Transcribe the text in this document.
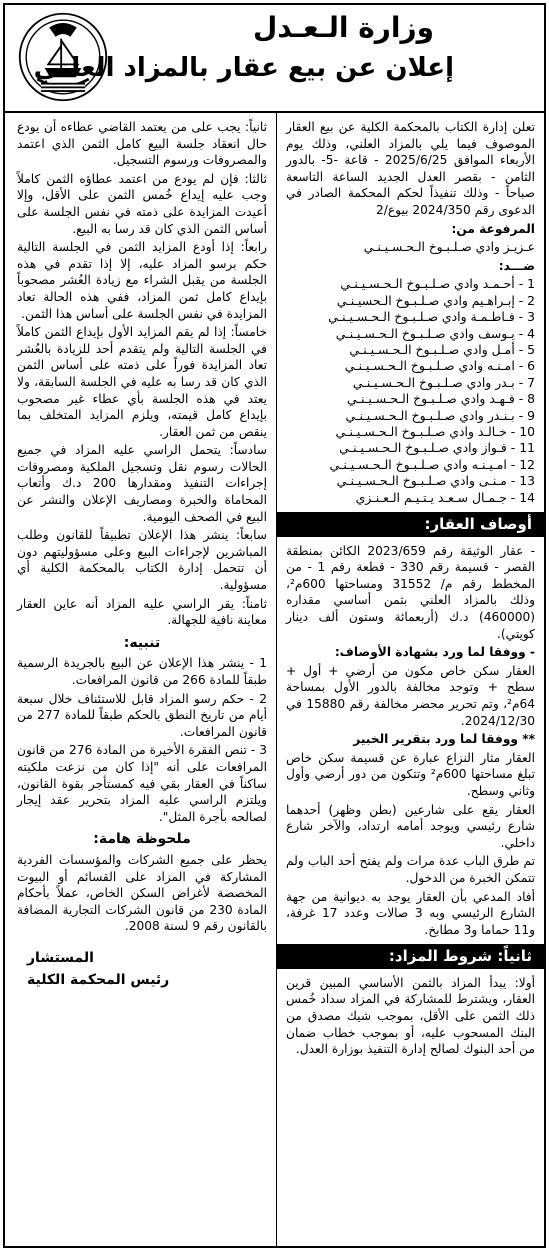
وزارة الـعـدل
إعلان عن بيع عقار بالمزاد العلني

تعلن إدارة الكتاب بالمحكمة الكلية عن بيع العقار الموصوف فيما يلي بالمزاد العلني، وذلك يوم الأربعاء الموافق 2025/6/25 - قاعة -5- بالدور الثامن - بقصر العدل الجديد الساعة التاسعة صباحاً - وذلك تنفيذاً لحكم المحكمة الصادر في الدعوى رقم 2024/350 بيوع/2

المرفوعة من:

عـزيـز وادي صـلـبـوخ الـحـسـيـنـي

ضـــد:

1 - أحـمـد وادي صـلـبـوخ الـحـسـيـنـي
2 - إبـراهـيم وادي صـلـبـوخ الـحسيـنـي
3 - فـاطـمـة وادي صـلـبـوخ الـحـسـيـنـي
4 - يـوسف وادي صـلـبـوخ الـحـسـيـنـي
5 - أمـل وادي صـلـبـوخ الـحـسـيـنـي
6 - امـنـه وادي صـلـبـوخ الـحـسـيـنـي
7 - بـدر وادي صـلـبـوخ الـحـسـيـنـي
8 - فـهـد وادي صـلـبـوخ الـحـسـيـنـي
9 - بـنـدر وادي صـلـبـوخ الـحـسـيـنـي
10 - خـالـد وادي صـلـبـوخ الـحـسـيـنـي
11 - فـواز وادي صـلـبـوخ الـحـسـيـنـي
12 - امـيـنـه وادي صـلـبـوخ الـحـسـيـنـي
13 - مـنـى وادي صـلـبـوخ الـحـسـيـنـي
14 - جـمـال سـعـد يـتـيـم الـعـنـزي
أوصاف العقار:

- عقار الوثيقة رقم 2023/659 الكائن بمنطقة القصر - قسيمة رقم 330 - قطعة رقم 1 - من المخطط رقم م/ 31552 ومساحتها 600م²، وذلك بالمزاد العلني بثمن أساسي مقداره (460000) د.ك (أربعمائة وستون ألف دينار كويتي).

- ووفقا لما ورد بشهادة الأوصاف:

العقار سكن خاص مكون من أرضي + أول + سطح + وتوجد مخالفة بالدور الأول بمساحة 64م²، وتم تحرير محضر مخالفة رقم 15880 في 2024/12/30.

** ووفقا لما ورد بتقرير الخبير

العقار مثار النزاع عبارة عن قسيمة سكن خاص تبلغ مساحتها 600م² وتتكون من دور أرضي وأول وثاني وسطح.

العقار يقع على شارعين (بطن وظهر) أحدهما شارع رئيسي ويوجد أمامه ارتداد، والآخر شارع داخلي.

تم طرق الباب عدة مرات ولم يفتح أحد الباب ولم تتمكن الخبرة من الدخول.

أفاد المدعي بأن العقار يوجد به ديوانية من جهة الشارع الرئيسي وبه 3 صالات وعدد 17 غرفة، و11 حماما و3 مطابخ.

ثانياً: شروط المزاد:

أولا: يبدأ المزاد بالثمن الأساسي المبين قرين العقار، ويشترط للمشاركة في المزاد سداد خُمس ذلك الثمن على الأقل، بموجب شيك مصدق من البنك المسحوب عليه، أو بموجب خطاب ضمان من أحد البنوك لصالح إدارة التنفيذ بوزارة العدل.

ثانياً: يجب على من يعتمد القاضي عطاءه أن يودع حال انعقاد جلسة البيع كامل الثمن الذي اعتمد والمصروفات ورسوم التسجيل.

ثالثا: فإن لم يودع من اعتمد عطاؤه الثمن كاملاً وجب عليه إيداع خُمس الثمن على الأقل، وإلا أعيدت المزايدة على ذمته في نفس الجلسة على أساس الثمن الذي كان قد رسا به البيع.

رابعاً: إذا أودع المزايد الثمن في الجلسة التالية حكم برسو المزاد عليه، إلا إذا تقدم في هذه الجلسة من يقبل الشراء مع زيادة العُشر مصحوباً بإيداع كامل ثمن المزاد، ففي هذه الحالة تعاد المزايدة في نفس الجلسة على أساس هذا الثمن.

خامساً: إذا لم يقم المزايد الأول بإيداع الثمن كاملاً في الجلسة التالية ولم يتقدم أحد للزيادة بالعُشر تعاد المزايدة فوراً على ذمته على أساس الثمن الذي كان قد رسا به عليه في الجلسة السابقة، ولا يعتد في هذه الجلسة بأي عطاء غير مصحوب بإيداع كامل قيمته، ويلزم المزايد المتخلف بما ينقص من ثمن العقار.

سادساً: يتحمل الراسي عليه المزاد في جميع الحالات رسوم نقل وتسجيل الملكية ومصروفات إجراءات التنفيذ ومقدارها 200 د.ك وأتعاب المحاماة والخبرة ومصاريف الإعلان والنشر عن البيع في الصحف اليومية.

سابعاً: ينشر هذا الإعلان تطبيقاً للقانون وطلب المباشرين لإجراءات البيع وعلى مسؤوليتهم دون أن تتحمل إدارة الكتاب بالمحكمة الكلية أي مسؤولية.

ثامناً: يقر الراسي عليه المزاد أنه عاين العقار معاينة نافية للجهالة.

تنبيه:

1 - ينشر هذا الإعلان عن البيع بالجريدة الرسمية طبقاً للمادة 266 من قانون المرافعات.

2 - حكم رسو المزاد قابل للاستئناف خلال سبعة أيام من تاريخ النطق بالحكم طبقاً للمادة 277 من قانون المرافعات.

3 - تنص الفقرة الأخيرة من المادة 276 من قانون المرافعات على أنه "إذا كان من نزعت ملكيته ساكناً في العقار بقي فيه كمستأجر بقوة القانون، ويلتزم الراسي عليه المزاد بتحرير عقد إيجار لصالحه بأجرة المثل".

ملحوظة هامة:

يحظر على جميع الشركات والمؤسسات الفردية المشاركة في المزاد على القسائم أو البيوت المخصصة لأغراض السكن الخاص، عملاً بأحكام المادة 230 من قانون الشركات التجارية المضافة بالقانون رقم 9 لسنة 2008.

المستشار
رئيس المحكمة الكلية
